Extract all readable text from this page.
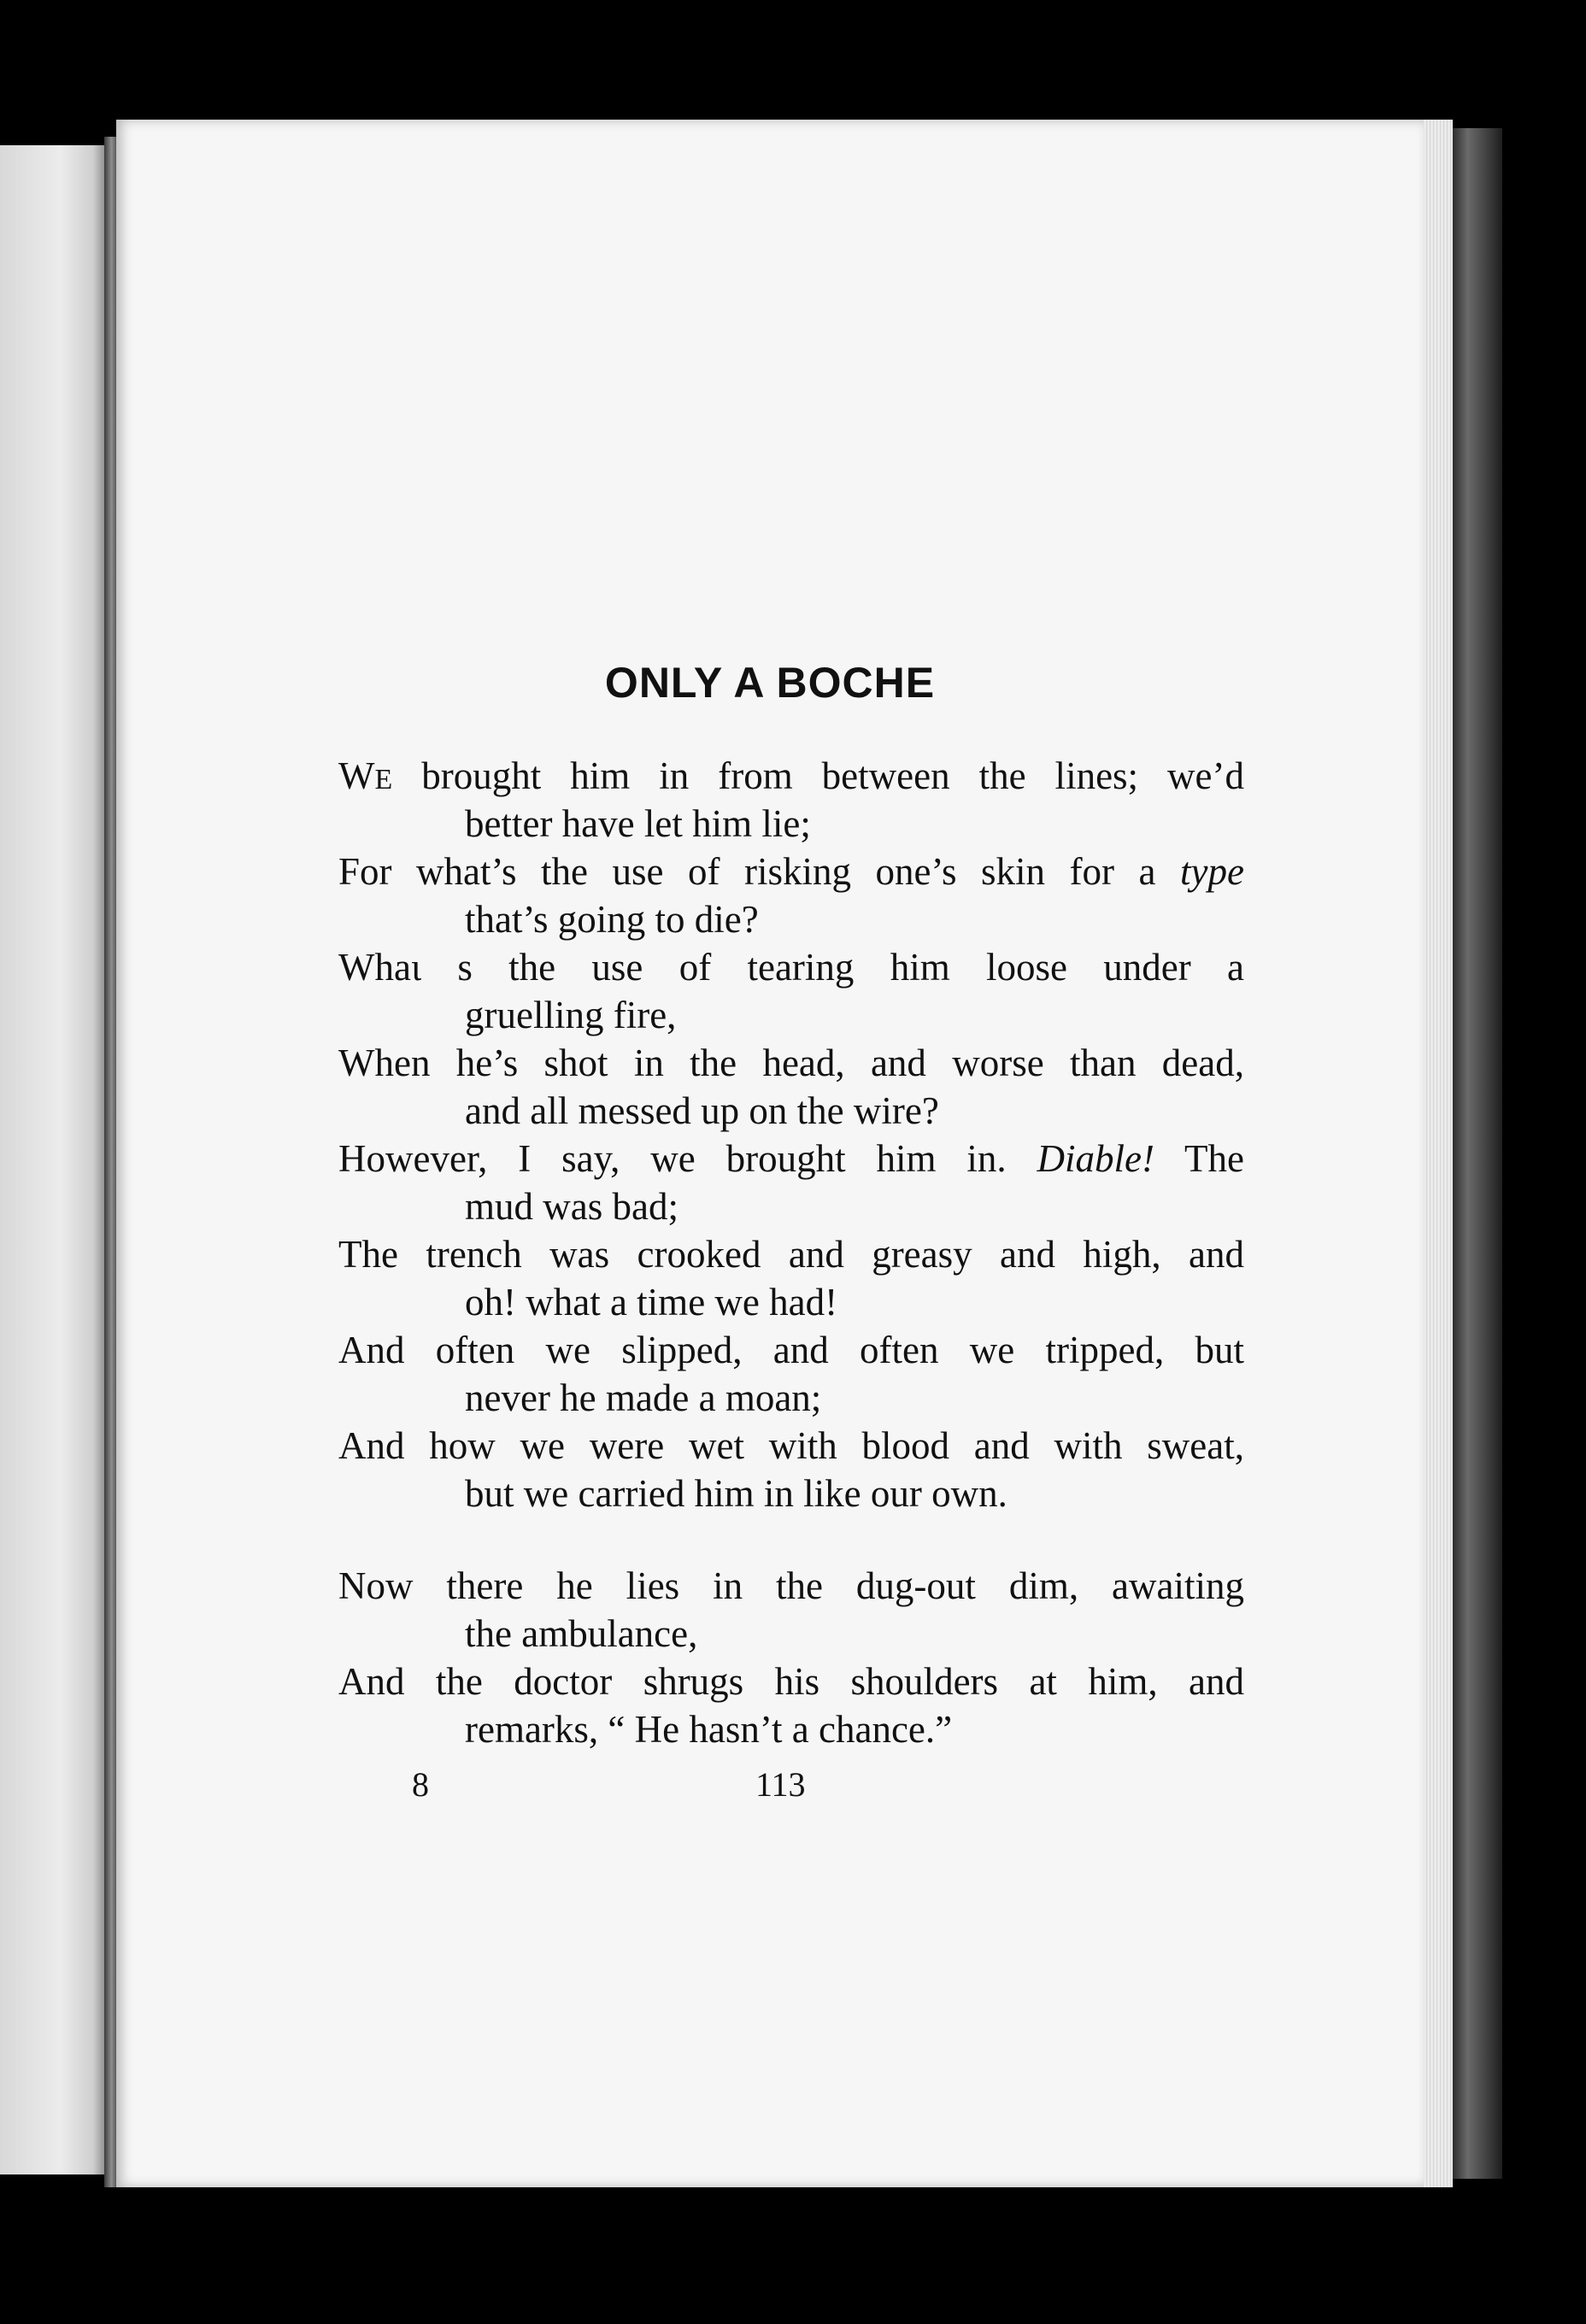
ONLY A BOCHE

WE brought him in from between the lines; we’d

better have let him lie;

For what’s the use of risking one’s skin for a type

that’s going to die?

Whaι s the use of tearing him loose under a

gruelling fire,

When he’s shot in the head, and worse than dead,

and all messed up on the wire?

However, I say, we brought him in. Diable! The

mud was bad;

The trench was crooked and greasy and high, and

oh! what a time we had!

And often we slipped, and often we tripped, but

never he made a moan;

And how we were wet with blood and with sweat,

but we carried him in like our own.

Now there he lies in the dug-out dim, awaiting

the ambulance,

And the doctor shrugs his shoulders at him, and

remarks, “ He hasn’t a chance.”

8	113
